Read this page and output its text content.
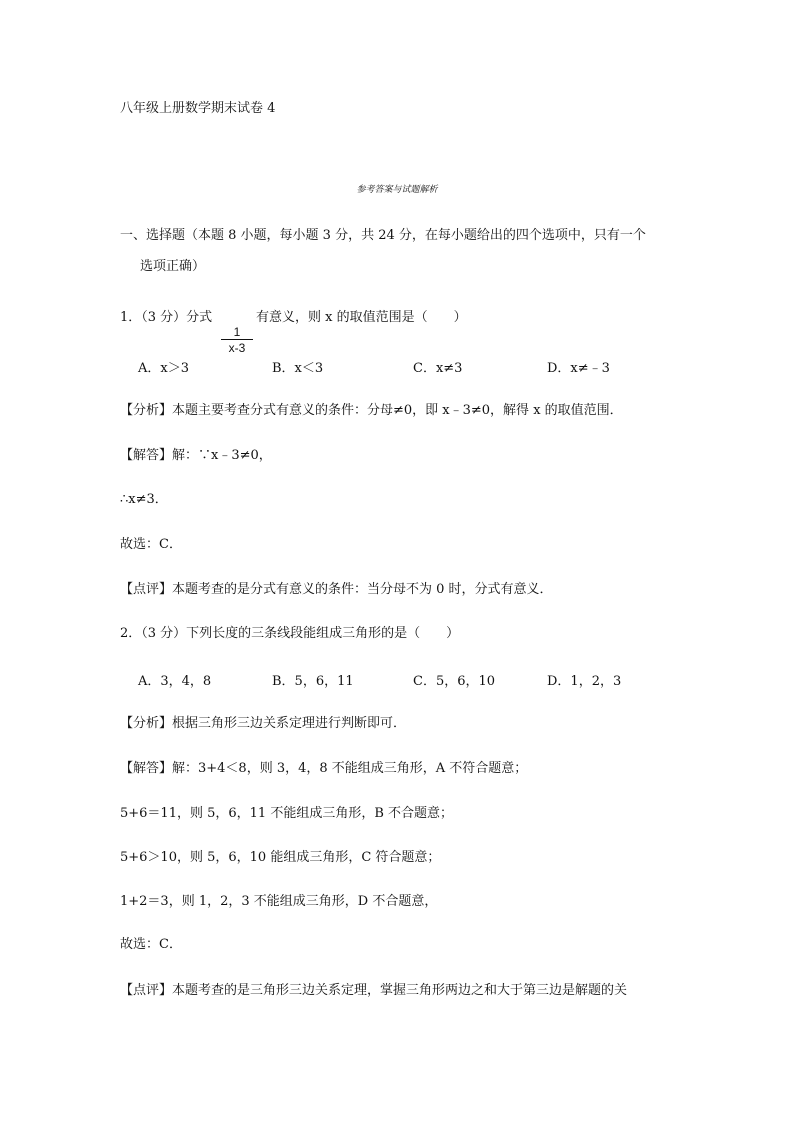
八年级上册数学期末试卷 4
参考答案与试题解析
一、选择题（本题 8 小题，每小题 3 分，共 24 分，在每小题给出的四个选项中，只有一个
选项正确）
1．（3 分）分式
1
x-3
有意义，则 x 的取值范围是（　　）
A．x＞3	B．x＜3	C．x≠3	D．x≠﹣3
【分析】本题主要考查分式有意义的条件：分母≠0，即 x﹣3≠0，解得 x 的取值范围．
【解答】解：∵x﹣3≠0，
∴x≠3．
故选：C．
【点评】本题考查的是分式有意义的条件：当分母不为 0 时，分式有意义．
2．（3 分）下列长度的三条线段能组成三角形的是（　　）
A．3，4，8	B．5，6，11	C．5，6，10	D．1，2，3
【分析】根据三角形三边关系定理进行判断即可．
【解答】解：3+4＜8，则 3，4，8 不能组成三角形，A 不符合题意；
5+6＝11，则 5，6，11 不能组成三角形，B 不合题意；
5+6＞10，则 5，6，10 能组成三角形，C 符合题意；
1+2＝3，则 1，2，3 不能组成三角形，D 不合题意，
故选：C．
【点评】本题考查的是三角形三边关系定理，掌握三角形两边之和大于第三边是解题的关
